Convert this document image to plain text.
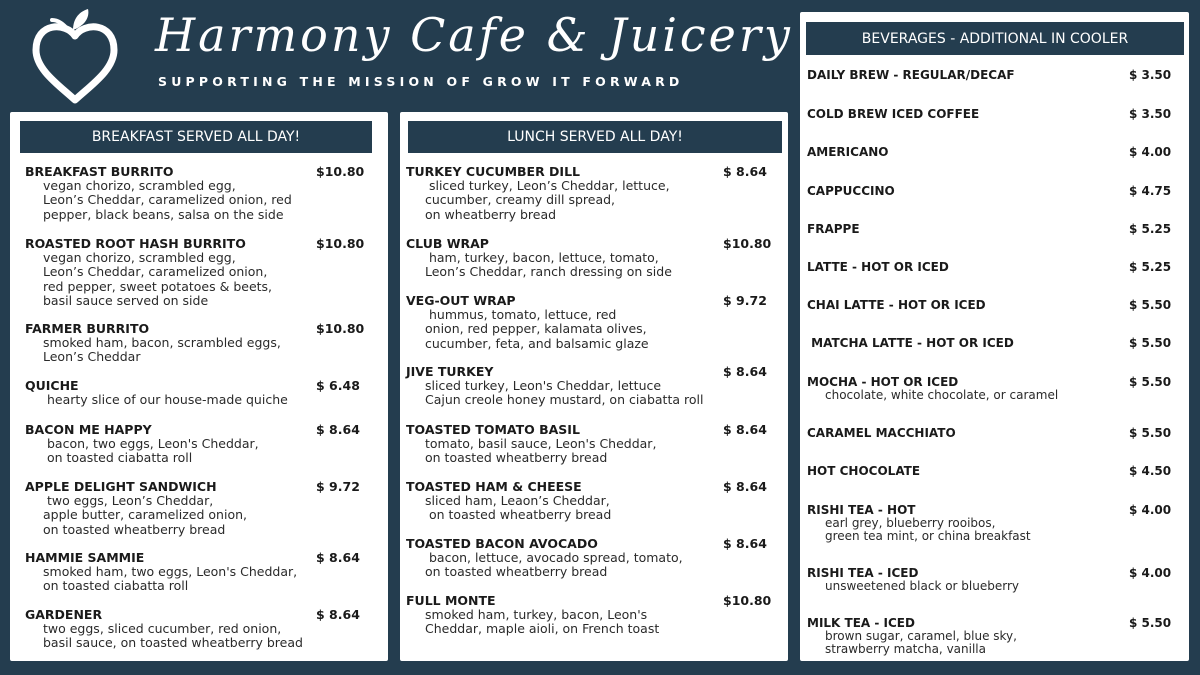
Harmony Cafe & Juicery
SUPPORTING THE MISSION OF GROW IT FORWARD
BREAKFAST SERVED ALL DAY!
BREAKFAST BURRITO	$10.80
vegan chorizo, scrambled egg,
Leon’s Cheddar, caramelized onion, red
pepper, black beans, salsa on the side
ROASTED ROOT HASH BURRITO	$10.80
vegan chorizo, scrambled egg,
Leon’s Cheddar, caramelized onion,
red pepper, sweet potatoes & beets,
basil sauce served on side
FARMER BURRITO	$10.80
smoked ham, bacon, scrambled eggs,
Leon’s Cheddar
QUICHE	$ 6.48
hearty slice of our house-made quiche
BACON ME HAPPY	$ 8.64
bacon, two eggs, Leon's Cheddar,
on toasted ciabatta roll
APPLE DELIGHT SANDWICH	$ 9.72
two eggs, Leon’s Cheddar,
apple butter, caramelized onion,
on toasted wheatberry bread
HAMMIE SAMMIE	$ 8.64
smoked ham, two eggs, Leon's Cheddar,
on toasted ciabatta roll
GARDENER	$ 8.64
two eggs, sliced cucumber, red onion,
basil sauce, on toasted wheatberry bread
LUNCH SERVED ALL DAY!
TURKEY CUCUMBER DILL	$ 8.64
sliced turkey, Leon’s Cheddar, lettuce,
cucumber, creamy dill spread,
on wheatberry bread
CLUB WRAP	$10.80
ham, turkey, bacon, lettuce, tomato,
Leon’s Cheddar, ranch dressing on side
VEG-OUT WRAP	$ 9.72
hummus, tomato, lettuce, red
onion, red pepper, kalamata olives,
cucumber, feta, and balsamic glaze
JIVE TURKEY	$ 8.64
sliced turkey, Leon's Cheddar, lettuce
Cajun creole honey mustard, on ciabatta roll
TOASTED TOMATO BASIL	$ 8.64
tomato, basil sauce, Leon's Cheddar,
on toasted wheatberry bread
TOASTED HAM & CHEESE	$ 8.64
sliced ham, Leaon’s Cheddar,
on toasted wheatberry bread
TOASTED BACON AVOCADO	$ 8.64
bacon, lettuce, avocado spread, tomato,
on toasted wheatberry bread
FULL MONTE	$10.80
smoked ham, turkey, bacon, Leon's
Cheddar, maple aioli, on French toast
BEVERAGES - ADDITIONAL IN COOLER
DAILY BREW - REGULAR/DECAF	$ 3.50
COLD BREW ICED COFFEE	$ 3.50
AMERICANO	$ 4.00
CAPPUCCINO	$ 4.75
FRAPPE	$ 5.25
LATTE - HOT OR ICED	$ 5.25
CHAI LATTE - HOT OR ICED	$ 5.50
MATCHA LATTE - HOT OR ICED	$ 5.50
MOCHA - HOT OR ICED	$ 5.50
chocolate, white chocolate, or caramel
CARAMEL MACCHIATO	$ 5.50
HOT CHOCOLATE	$ 4.50
RISHI TEA - HOT	$ 4.00
earl grey, blueberry rooibos,
green tea mint, or china breakfast
RISHI TEA - ICED	$ 4.00
unsweetened black or blueberry
MILK TEA - ICED	$ 5.50
brown sugar, caramel, blue sky,
strawberry matcha, vanilla
